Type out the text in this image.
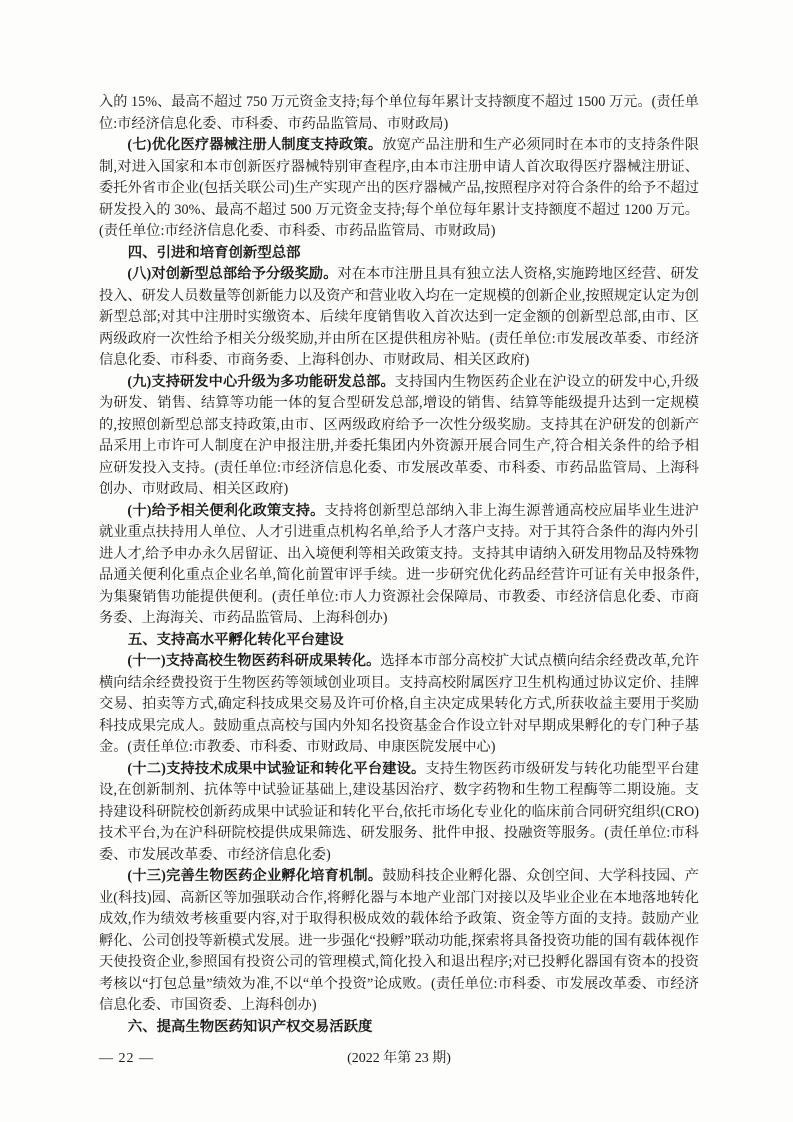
入的 15%、最高不超过 750 万元资金支持;每个单位每年累计支持额度不超过 1500 万元。(责任单位:市经济信息化委、市科委、市药品监管局、市财政局)

(七)优化医疗器械注册人制度支持政策。放宽产品注册和生产必须同时在本市的支持条件限制,对进入国家和本市创新医疗器械特别审查程序,由本市注册申请人首次取得医疗器械注册证、委托外省市企业(包括关联公司)生产实现产出的医疗器械产品,按照程序对符合条件的给予不超过研发投入的 30%、最高不超过 500 万元资金支持;每个单位每年累计支持额度不超过 1200 万元。(责任单位:市经济信息化委、市科委、市药品监管局、市财政局)

四、引进和培育创新型总部

(八)对创新型总部给予分级奖励。对在本市注册且具有独立法人资格,实施跨地区经营、研发投入、研发人员数量等创新能力以及资产和营业收入均在一定规模的创新企业,按照规定认定为创新型总部;对其中注册时实缴资本、后续年度销售收入首次达到一定金额的创新型总部,由市、区两级政府一次性给予相关分级奖励,并由所在区提供租房补贴。(责任单位:市发展改革委、市经济信息化委、市科委、市商务委、上海科创办、市财政局、相关区政府)

(九)支持研发中心升级为多功能研发总部。支持国内生物医药企业在沪设立的研发中心,升级为研发、销售、结算等功能一体的复合型研发总部,增设的销售、结算等能级提升达到一定规模的,按照创新型总部支持政策,由市、区两级政府给予一次性分级奖励。支持其在沪研发的创新产品采用上市许可人制度在沪申报注册,并委托集团内外资源开展合同生产,符合相关条件的给予相应研发投入支持。(责任单位:市经济信息化委、市发展改革委、市科委、市药品监管局、上海科创办、市财政局、相关区政府)

(十)给予相关便利化政策支持。支持将创新型总部纳入非上海生源普通高校应届毕业生进沪就业重点扶持用人单位、人才引进重点机构名单,给予人才落户支持。对于其符合条件的海内外引进人才,给予申办永久居留证、出入境便利等相关政策支持。支持其申请纳入研发用物品及特殊物品通关便利化重点企业名单,简化前置审评手续。进一步研究优化药品经营许可证有关申报条件,为集聚销售功能提供便利。(责任单位:市人力资源社会保障局、市教委、市经济信息化委、市商务委、上海海关、市药品监管局、上海科创办)

五、支持高水平孵化转化平台建设

(十一)支持高校生物医药科研成果转化。选择本市部分高校扩大试点横向结余经费改革,允许横向结余经费投资于生物医药等领域创业项目。支持高校附属医疗卫生机构通过协议定价、挂牌交易、拍卖等方式,确定科技成果交易及许可价格,自主决定成果转化方式,所获收益主要用于奖励科技成果完成人。鼓励重点高校与国内外知名投资基金合作设立针对早期成果孵化的专门种子基金。(责任单位:市教委、市科委、市财政局、申康医院发展中心)

(十二)支持技术成果中试验证和转化平台建设。支持生物医药市级研发与转化功能型平台建设,在创新制剂、抗体等中试验证基础上,建设基因治疗、数字药物和生物工程酶等二期设施。支持建设科研院校创新药成果中试验证和转化平台,依托市场化专业化的临床前合同研究组织(CRO)技术平台,为在沪科研院校提供成果筛选、研发服务、批件申报、投融资等服务。(责任单位:市科委、市发展改革委、市经济信息化委)

(十三)完善生物医药企业孵化培育机制。鼓励科技企业孵化器、众创空间、大学科技园、产业(科技)园、高新区等加强联动合作,将孵化器与本地产业部门对接以及毕业企业在本地落地转化成效,作为绩效考核重要内容,对于取得积极成效的载体给予政策、资金等方面的支持。鼓励产业孵化、公司创投等新模式发展。进一步强化“投孵”联动功能,探索将具备投资功能的国有载体视作天使投资企业,参照国有投资公司的管理模式,简化投入和退出程序;对已投孵化器国有资本的投资考核以“打包总量”绩效为准,不以“单个投资”论成败。(责任单位:市科委、市发展改革委、市经济信息化委、市国资委、上海科创办)

六、提高生物医药知识产权交易活跃度

— 22 —	(2022 年第 23 期)
